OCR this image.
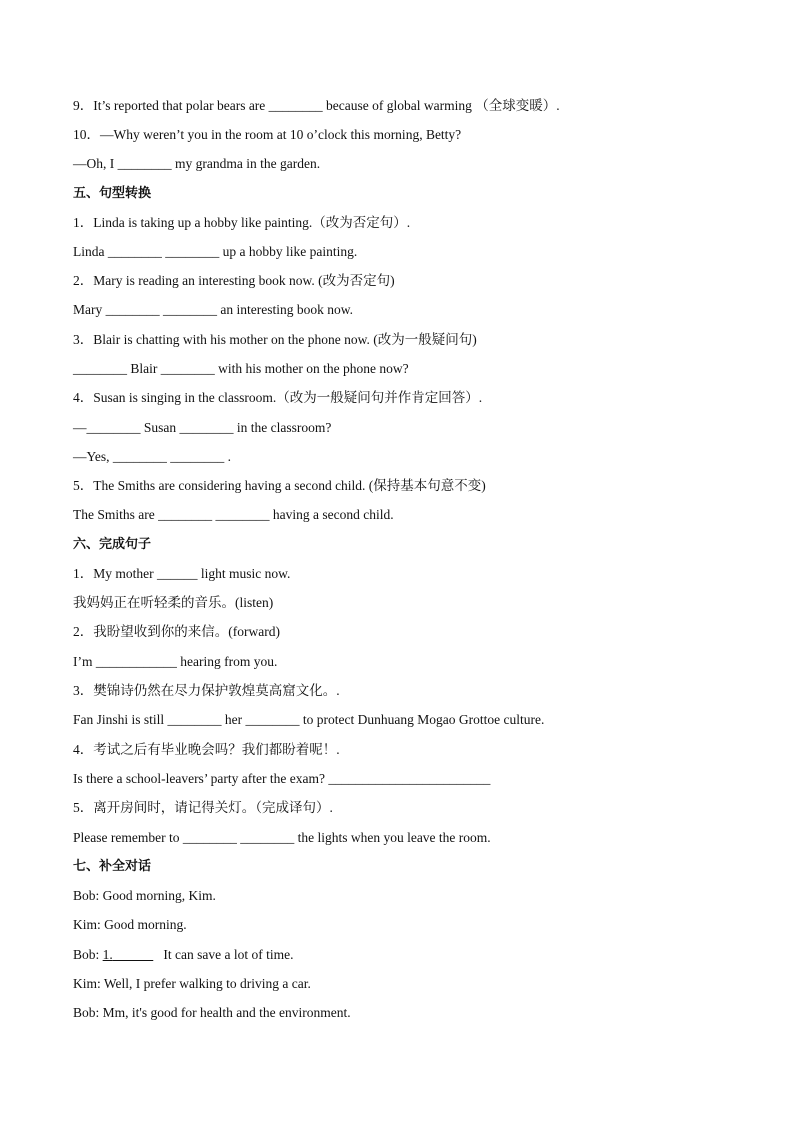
9．It’s reported that polar bears are ________ because of global warming （全球变暖）.
10．—Why weren’t you in the room at 10 o’clock this morning, Betty?
—Oh, I ________ my grandma in the garden.
五、句型转换
1．Linda is taking up a hobby like painting.（改为否定句）.
Linda ________ ________ up a hobby like painting.
2．Mary is reading an interesting book now. (改为否定句)
Mary ________ ________ an interesting book now.
3．Blair is chatting with his mother on the phone now. (改为一般疑问句)
________ Blair ________ with his mother on the phone now?
4．Susan is singing in the classroom.（改为一般疑问句并作肯定回答）.
—________ Susan ________ in the classroom?
—Yes, ________ ________ .
5．The Smiths are considering having a second child. (保持基本句意不变)
The Smiths are ________ ________ having a second child.
六、完成句子
1．My mother ______ light music now.
我妈妈正在听轻柔的音乐。(listen)
2．我盼望收到你的来信。(forward)
I’m ____________ hearing from you.
3．樊锦诗仍然在尽力保护敦煌莫高窟文化。.
Fan Jinshi is still ________ her ________ to protect Dunhuang Mogao Grottoe culture.
4．考试之后有毕业晚会吗？我们都盼着呢！.
Is there a school-leavers’ party after the exam? ________________________
5．离开房间时，请记得关灯。（完成译句）.
Please remember to ________ ________ the lights when you leave the room.
七、补全对话
Bob: Good morning, Kim.
Kim: Good morning.
Bob: 1.	It can save a lot of time.
Kim: Well, I prefer walking to driving a car.
Bob: Mm, it's good for health and the environment.
